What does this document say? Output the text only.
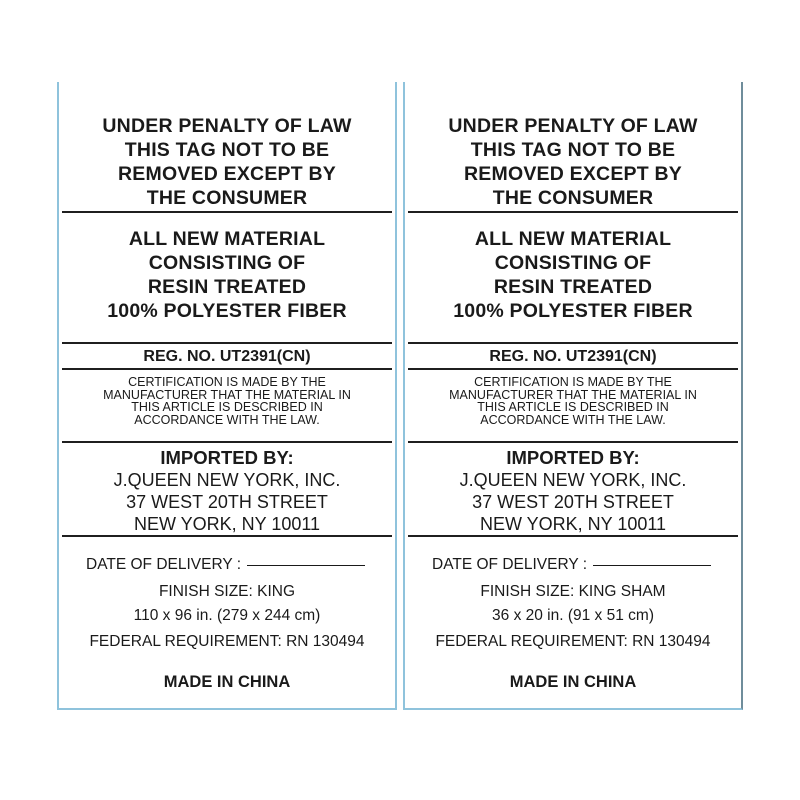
UNDER PENALTY OF LAW
THIS TAG NOT TO BE
REMOVED EXCEPT BY
THE CONSUMER
ALL NEW MATERIAL
CONSISTING OF
RESIN TREATED
100% POLYESTER FIBER
REG. NO. UT2391(CN)
CERTIFICATION IS MADE BY THE
MANUFACTURER THAT THE MATERIAL IN
THIS ARTICLE IS DESCRIBED IN
ACCORDANCE WITH THE LAW.
IMPORTED BY:
J.QUEEN NEW YORK, INC.
37 WEST 20TH STREET
NEW YORK, NY 10011
DATE OF DELIVERY :
FINISH SIZE: KING
110 x 96 in. (279 x 244 cm)
FEDERAL REQUIREMENT: RN 130494
MADE IN CHINA
UNDER PENALTY OF LAW
THIS TAG NOT TO BE
REMOVED EXCEPT BY
THE CONSUMER
ALL NEW MATERIAL
CONSISTING OF
RESIN TREATED
100% POLYESTER FIBER
REG. NO. UT2391(CN)
CERTIFICATION IS MADE BY THE
MANUFACTURER THAT THE MATERIAL IN
THIS ARTICLE IS DESCRIBED IN
ACCORDANCE WITH THE LAW.
IMPORTED BY:
J.QUEEN NEW YORK, INC.
37 WEST 20TH STREET
NEW YORK, NY 10011
DATE OF DELIVERY :
FINISH SIZE: KING SHAM
36 x 20 in. (91 x 51 cm)
FEDERAL REQUIREMENT: RN 130494
MADE IN CHINA
